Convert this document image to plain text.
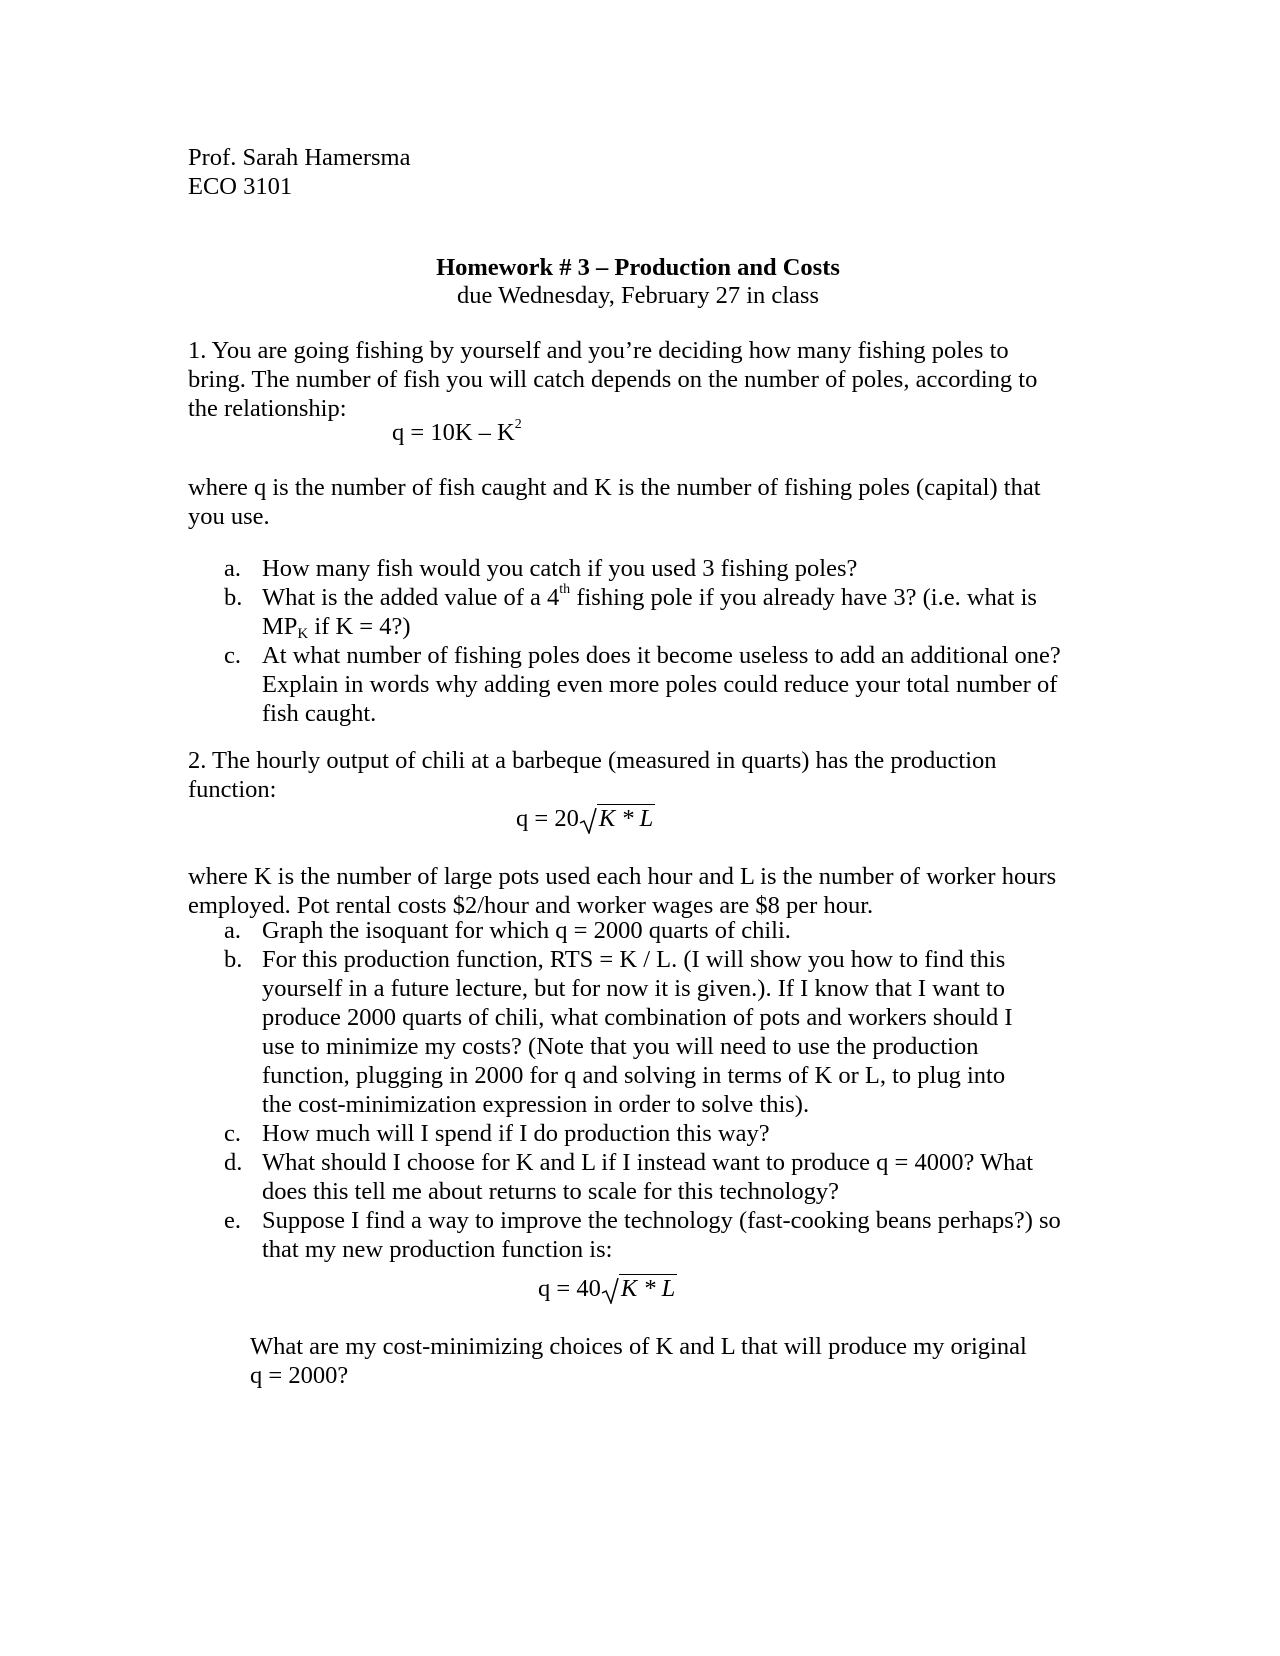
Prof. Sarah Hamersma

ECO 3101

Homework # 3 – Production and Costs

due Wednesday, February 27 in class

1. You are going fishing by yourself and you’re deciding how many fishing poles to bring. The number of fish you will catch depends on the number of poles, according to the relationship:

$q = 10K - K^2$

where q is the number of fish caught and K is the number of fishing poles (capital) that you use.

a. How many fish would you catch if you used 3 fishing poles?
b. What is the added value of a 4th fishing pole if you already have 3? (i.e. what is $MP_K$ if K = 4?)
c. At what number of fishing poles does it become useless to add an additional one? Explain in words why adding even more poles could reduce your total number of fish caught.

2. The hourly output of chili at a barbeque (measured in quarts) has the production function:

q = 20 K * L

where K is the number of large pots used each hour and L is the number of worker hours employed. Pot rental costs $2/hour and worker wages are $8 per hour.

a. Graph the isoquant for which q = 2000 quarts of chili.
b. For this production function, RTS = K / L. (I will show you how to find this yourself in a future lecture, but for now it is given.). If I know that I want to produce 2000 quarts of chili, what combination of pots and workers should I use to minimize my costs? (Note that you will need to use the production function, plugging in 2000 for q and solving in terms of K or L, to plug into the cost-minimization expression in order to solve this).
c. How much will I spend if I do production this way?
d. What should I choose for K and L if I instead want to produce q = 4000? What does this tell me about returns to scale for this technology?
e. Suppose I find a way to improve the technology (fast-cooking beans perhaps?) so that my new production function is:

q = 40 K * L

What are my cost-minimizing choices of K and L that will produce my original q = 2000?
